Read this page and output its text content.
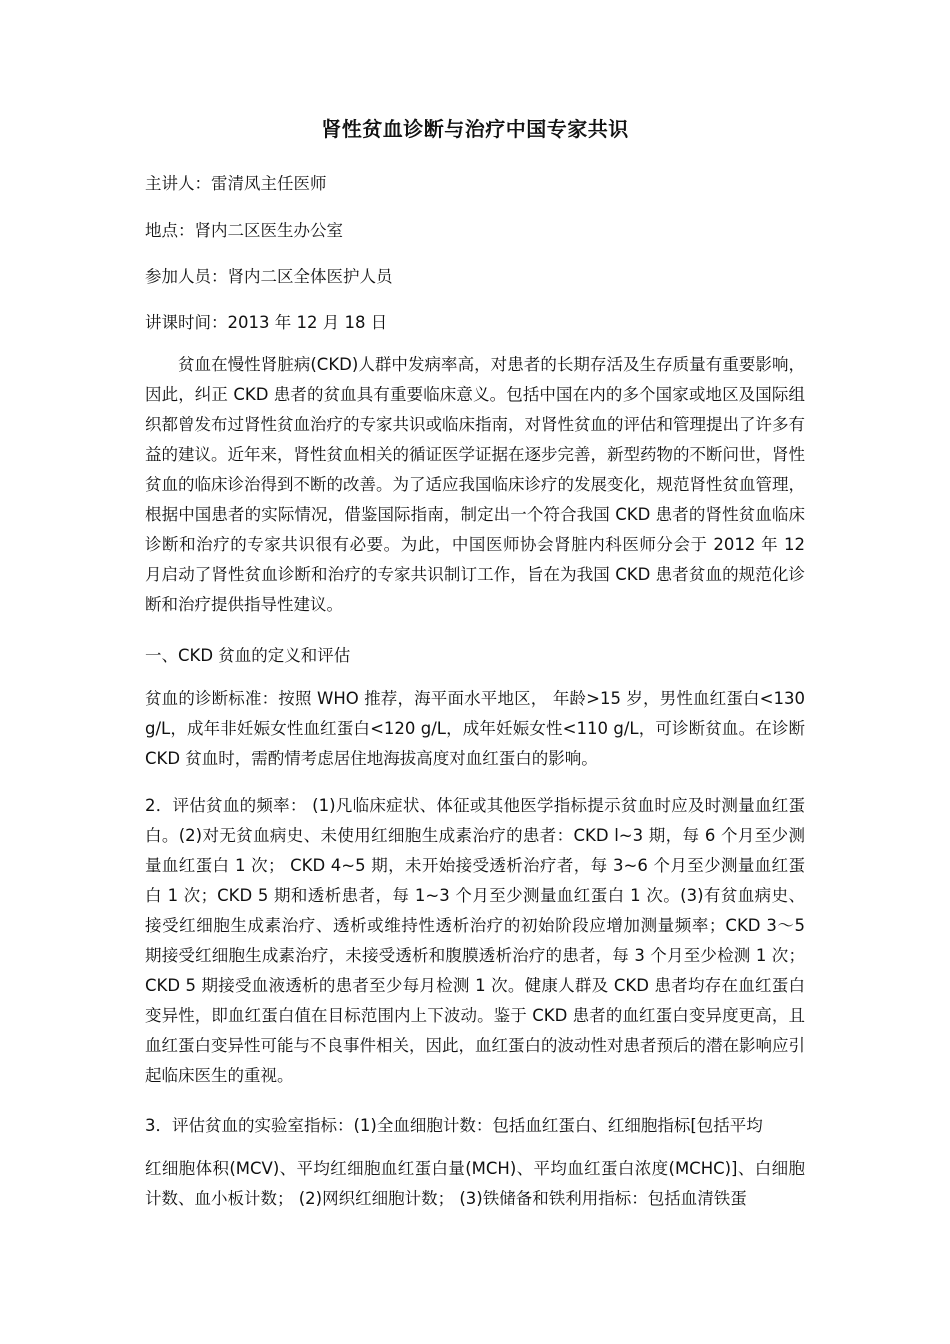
肾性贫血诊断与治疗中国专家共识
主讲人：雷清凤主任医师
地点：肾内二区医生办公室
参加人员：肾内二区全体医护人员
讲课时间：2013 年 12 月 18 日
贫血在慢性肾脏病(CKD)人群中发病率高，对患者的长期存活及生存质量有重要影响，因此，纠正 CKD 患者的贫血具有重要临床意义。包括中国在内的多个国家或地区及国际组织都曾发布过肾性贫血治疗的专家共识或临床指南，对肾性贫血的评估和管理提出了许多有益的建议。近年来，肾性贫血相关的循证医学证据在逐步完善，新型药物的不断问世，肾性贫血的临床诊治得到不断的改善。为了适应我国临床诊疗的发展变化，规范肾性贫血管理，根据中国患者的实际情况，借鉴国际指南，制定出一个符合我国 CKD 患者的肾性贫血临床诊断和治疗的专家共识很有必要。为此，中国医师协会肾脏内科医师分会于 2012 年 12 月启动了肾性贫血诊断和治疗的专家共识制订工作，旨在为我国 CKD 患者贫血的规范化诊断和治疗提供指导性建议。
一、CKD 贫血的定义和评估
贫血的诊断标准：按照 WHO 推荐，海平面水平地区， 年龄>15 岁，男性血红蛋白<130 g/L，成年非妊娠女性血红蛋白<120 g/L，成年妊娠女性<110 g/L，可诊断贫血。在诊断 CKD 贫血时，需酌情考虑居住地海拔高度对血红蛋白的影响。
2．评估贫血的频率： (1)凡临床症状、体征或其他医学指标提示贫血时应及时测量血红蛋白。(2)对无贫血病史、未使用红细胞生成素治疗的患者：CKD l~3 期，每 6 个月至少测量血红蛋白 1 次； CKD 4~5 期，未开始接受透析治疗者，每 3~6 个月至少测量血红蛋白 1 次；CKD 5 期和透析患者，每 1~3 个月至少测量血红蛋白 1 次。(3)有贫血病史、接受红细胞生成素治疗、透析或维持性透析治疗的初始阶段应增加测量频率；CKD 3～5 期接受红细胞生成素治疗，未接受透析和腹膜透析治疗的患者，每 3 个月至少检测 1 次；CKD 5 期接受血液透析的患者至少每月检测 1 次。健康人群及 CKD 患者均存在血红蛋白变异性，即血红蛋白值在目标范围内上下波动。鉴于 CKD 患者的血红蛋白变异度更高，且血红蛋白变异性可能与不良事件相关，因此，血红蛋白的波动性对患者预后的潜在影响应引起临床医生的重视。
3．评估贫血的实验室指标：(1)全血细胞计数：包括血红蛋白、红细胞指标[包括平均
红细胞体积(MCV)、平均红细胞血红蛋白量(MCH)、平均血红蛋白浓度(MCHC)]、白细胞计数、血小板计数； (2)网织红细胞计数； (3)铁储备和铁利用指标：包括血清铁蛋
